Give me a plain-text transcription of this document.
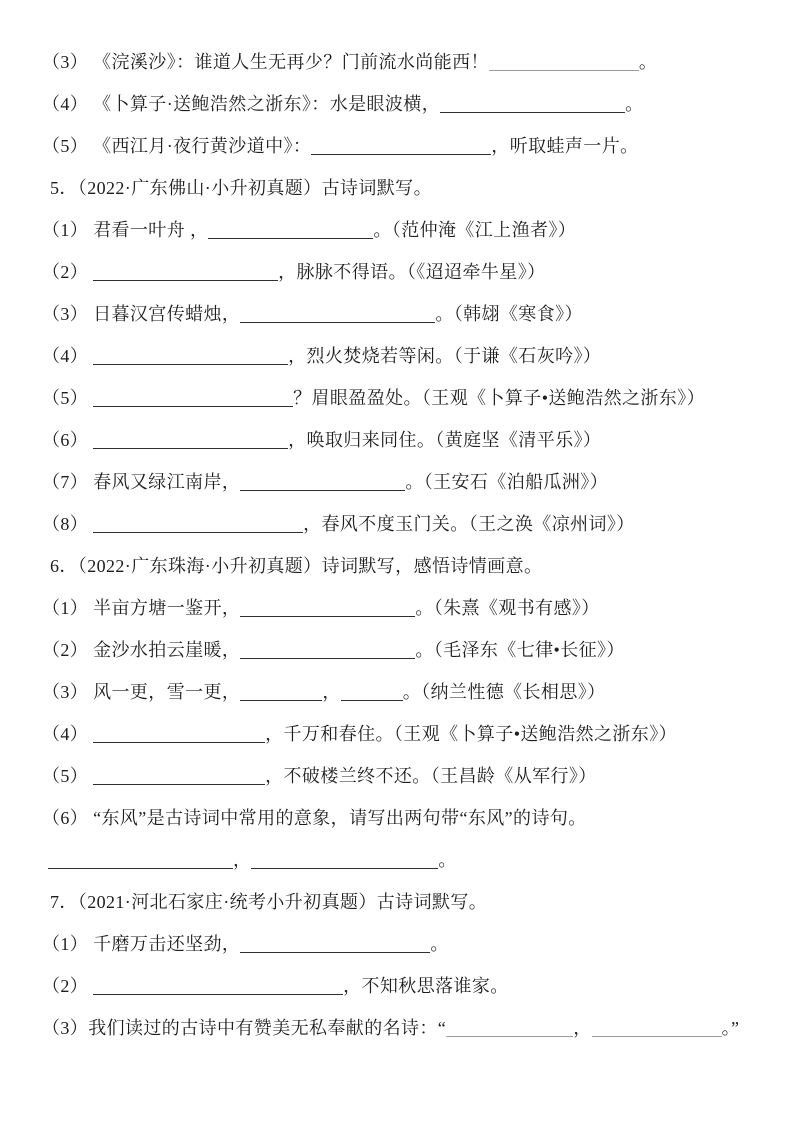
（3） 《浣溪沙》：谁道人生无再少？门前流水尚能西！	。
（4） 《卜算子·送鲍浩然之浙东》：水是眼波横，	。
（5） 《西江月·夜行黄沙道中》：	，听取蛙声一片。
5．（2022·广东佛山·小升初真题）古诗词默写。
（1） 君看一叶舟 ，	。（范仲淹《江上渔者》）
（2）	，脉脉不得语。（《迢迢牵牛星》）
（3） 日暮汉宫传蜡烛，	。（韩翃《寒食》）
（4）	，烈火焚烧若等闲。（于谦《石灰吟》）
（5）	？眉眼盈盈处。（王观《卜算子•送鲍浩然之浙东》）
（6）	，唤取归来同住。（黄庭坚《清平乐》）
（7） 春风又绿江南岸，	。（王安石《泊船瓜洲》）
（8）	，春风不度玉门关。（王之涣《凉州词》）
6．（2022·广东珠海·小升初真题）诗词默写，感悟诗情画意。
（1） 半亩方塘一鉴开，	。（朱熹《观书有感》）
（2） 金沙水拍云崖暖，	。（毛泽东《七律•长征》）
（3） 风一更，雪一更，	，	。（纳兰性德《长相思》）
（4）	，千万和春住。（王观《卜算子•送鲍浩然之浙东》）
（5）	，不破楼兰终不还。（王昌龄《从军行》）
（6） “东风”是古诗词中常用的意象，请写出两句带“东风”的诗句。
，	。
7．（2021·河北石家庄·统考小升初真题）古诗词默写。
（1） 千磨万击还坚劲，	。
（2）	，不知秋思落谁家。
（3）我们读过的古诗中有赞美无私奉献的名诗：“	，	。”
